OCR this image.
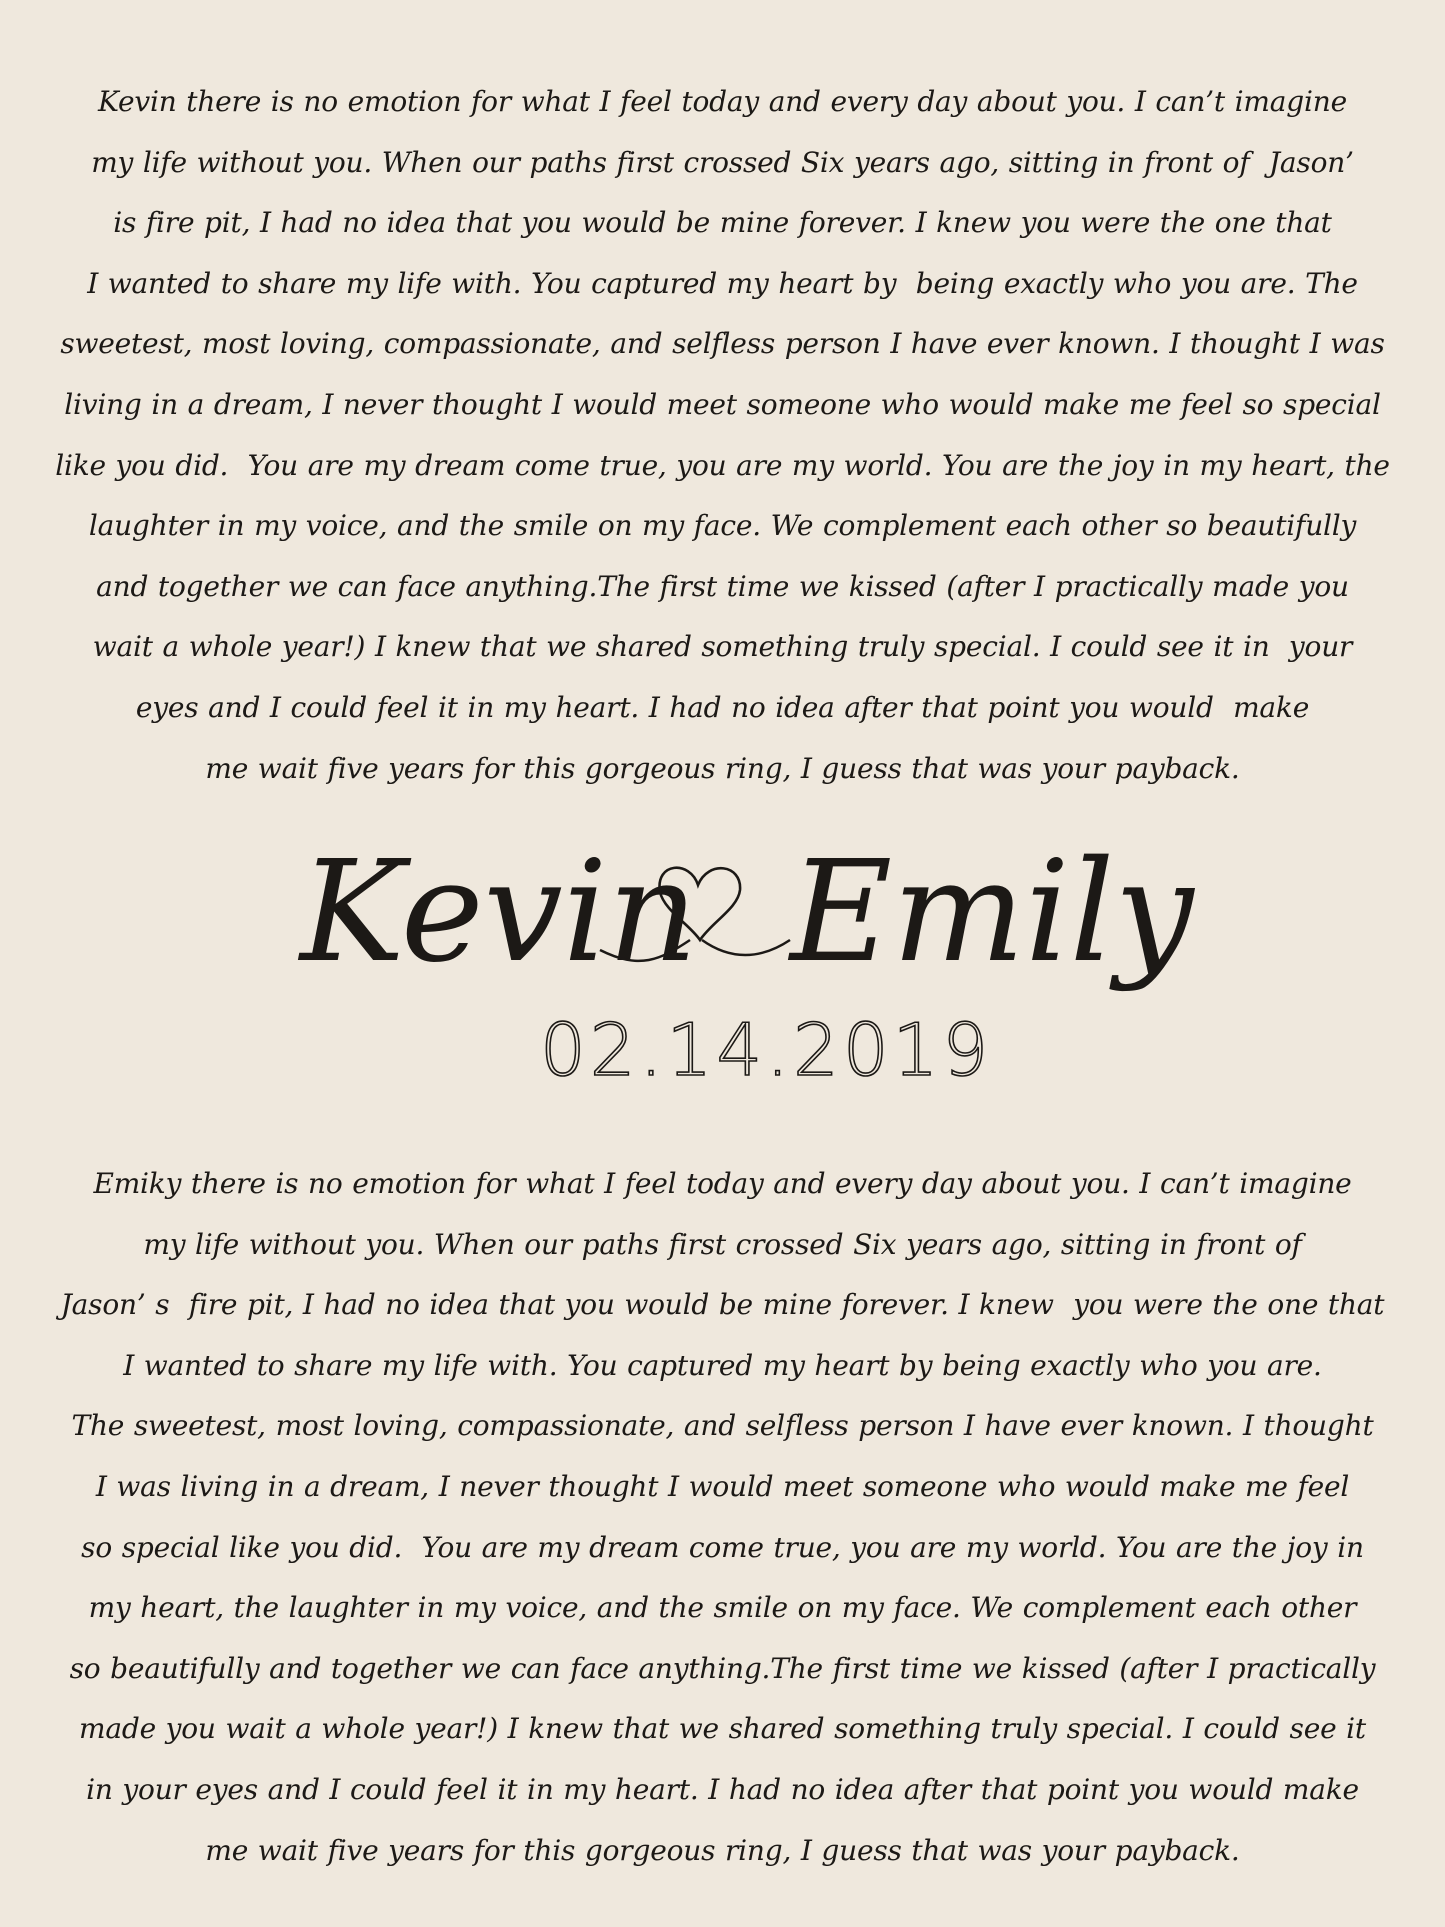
Kevin there is no emotion for what I feel today and every day about you. I can’t imagine
my life without you. When our paths first crossed Six years ago, sitting in front of  Jason’
is fire pit, I had no idea that you would be mine forever. I knew you were the one that
I wanted to share my life with. You captured my heart by  being exactly who you are. The
sweetest, most loving, compassionate, and selfless person I have ever known. I thought I was
living in a dream, I never thought I would meet someone who would make me feel so special
like you did.  You are my dream come true, you are my world. You are the joy in my heart, the
laughter in my voice, and the smile on my face. We complement each other so beautifully
and together we can face anything.The first time we kissed (after I practically made you
wait a whole year!) I knew that we shared something truly special. I could see it in  your
eyes and I could feel it in my heart. I had no idea after that point you would  make
me wait five years for this gorgeous ring, I guess that was your payback.
Kevin Emily
02.14.2019
Emiky there is no emotion for what I feel today and every day about you. I can’t imagine
my life without you. When our paths first crossed Six years ago, sitting in front of
Jason’ s  fire pit, I had no idea that you would be mine forever. I knew  you were the one that
I wanted to share my life with. You captured my heart by being exactly who you are.
The sweetest, most loving, compassionate, and selfless person I have ever known. I thought
I was living in a dream, I never thought I would meet someone who would make me feel
so special like you did.  You are my dream come true, you are my world. You are the joy in
my heart, the laughter in my voice, and the smile on my face. We complement each other
so beautifully and together we can face anything.The first time we kissed (after I practically
made you wait a whole year!) I knew that we shared something truly special. I could see it
in your eyes and I could feel it in my heart. I had no idea after that point you would make
me wait five years for this gorgeous ring, I guess that was your payback.
